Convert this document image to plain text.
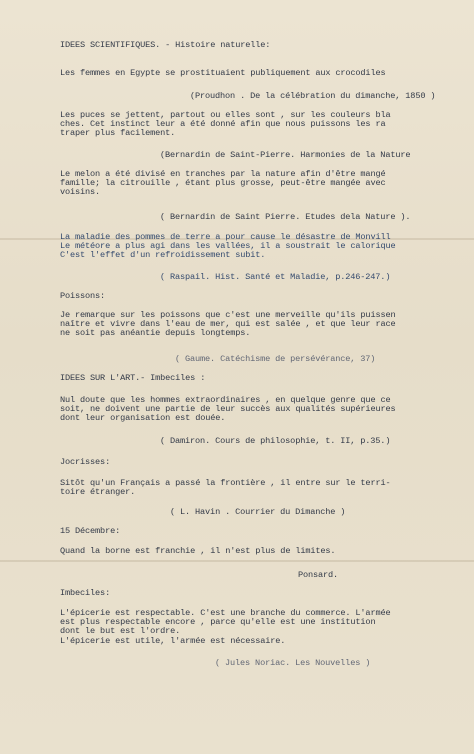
IDEES SCIENTIFIQUES. - Histoire naturelle:
Les femmes en Egypte se prostituaient publiquement aux crocodiles
(Proudhon . De la célébration du dimanche, 1850 )
Les puces se jettent, partout ou elles sont , sur les couleurs bla
ches. Cet instinct leur a été donné afin que nous puissons les ra
traper plus facilement.
(Bernardin de Saint-Pierre. Harmonies de la Nature
Le melon a été divisé en tranches par la nature afin d'être mangé
famille; la citrouille , étant plus grosse, peut-être mangée avec
voisins.
( Bernardin de Saint Pierre. Etudes dela Nature ).
La maladie des pommes de terre a pour cause le désastre de Monvill
Le météore a plus agi dans les vallées, il a soustrait le calorique
C'est l'effet d'un refroidissement subit.
( Raspail. Hist. Santé et Maladie, p.246-247.)
Poissons:
Je remarque sur les poissons que c'est une merveille qu'ils puissen
naître et vivre dans l'eau de mer, qui est salée , et que leur race
ne soit pas anéantie depuis longtemps.
( Gaume. Catéchisme de persévérance, 37)
IDEES SUR L'ART.- Imbeciles :
Nul doute que les hommes extraordinaires , en quelque genre que ce
soit, ne doivent une partie de leur succès aux qualités supérieures
dont leur organisation est douée.
( Damiron. Cours de philosophie, t. II, p.35.)
Jocrisses:
Sitôt qu'un Français a passé la frontière , il entre sur le terri-
toire étranger.
( L. Havin . Courrier du Dimanche )
15 Décembre:
Quand la borne est franchie , il n'est plus de limites.
Ponsard.
Imbeciles:
L'épicerie est respectable. C'est une branche du commerce. L'armée
est plus respectable encore , parce qu'elle est une institution
dont le but est l'ordre.
L'épicerie est utile, l'armée est nécessaire.
( Jules Noriac. Les Nouvelles )
